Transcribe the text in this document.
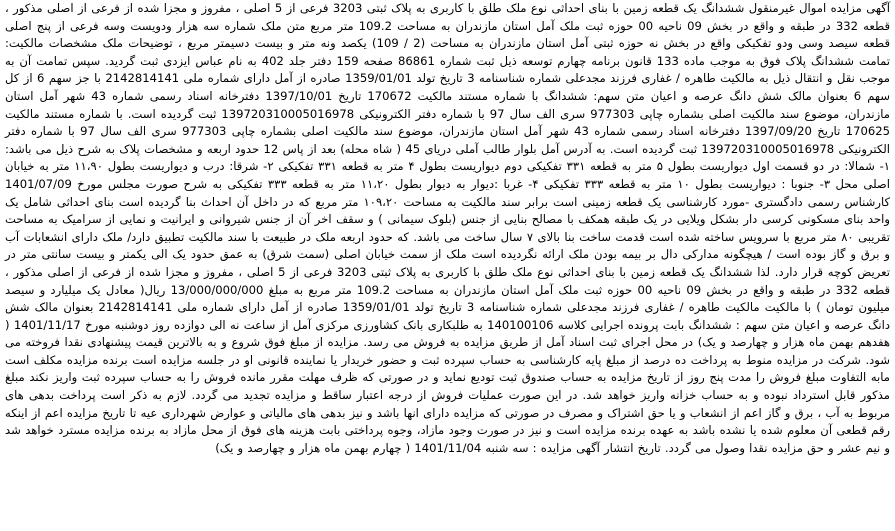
آگهی مزایده اموال غیرمنقول ششدانگ یک قطعه زمین با بنای احداثی نوع ملک طلق با کاربری به پلاک ثبتی 3203 فرعی از 5 اصلی ، مفروز و مجزا شده از فرعی از اصلی مذکور ، قطعه 332 در طبقه و واقع در بخش 09 ناحیه 00 حوزه ثبت ملک آمل استان مازندران به مساحت 109.2 متر مربع متن ملک شماره سه هزار ودویست وسه فرعی از پنج اصلی قطعه سیصد وسی ودو تفکیکی واقع در بخش نه حوزه ثبتی آمل استان مازندران به مساحت (2 / 109) یکصد ونه متر و بیست دسیمتر مربع ، توضیحات ملک مشخصات مالکیت: تمامت ششدانگ پلاک فوق به موجب ماده 133 قانون برنامه چهارم توسعه ذیل ثبت شماره 86861 صفحه 159 دفتر جلد 402 به نام عباس ایزدی ثبت گردید. سپس تمامت آن به موجب نقل و انتقال ذیل به مالکیت طاهره / غفاری فرزند مجدعلی شماره شناسنامه 3 تاریخ تولد 1359/01/01 صادره از آمل دارای شماره ملی 2142814141 با جز سهم 6 از کل سهم 6 بعنوان مالک شش دانگ عرصه و اعیان متن سهم: ششدانگ با شماره مستند مالکیت 170672 تاریخ 1397/10/01 دفترخانه اسناد رسمی شماره 43 شهر آمل استان مازندران، موضوع سند مالکیت اصلی بشماره چاپی 977303 سری الف سال 97 با شماره دفتر الکترونیکی 139720310005016978 ثبت گردیده است. با شماره مستند مالکیت 170625 تاریخ 1397/09/20 دفترخانه اسناد رسمی شماره 43 شهر آمل استان مازندران، موضوع سند مالکیت اصلی بشماره چاپی 977303 سری الف سال 97 با شماره دفتر الکترونیکی 139720310005016978 ثبت گردیده است. به آدرس آمل بلوار طالب آملی دریای 45 ( شاه محله) بعد از پاس 12 حدود اربعه و مشخصات پلاک به شرح ذیل می باشد: ۱- شمالا: در دو قسمت اول دیواریست بطول ۵ متر به قطعه ۳۳۱ تفکیکی دوم دیواریست بطول ۴ متر به قطعه ۳۳۱ تفکیکی ۲- شرقا: درب و دیواریست بطول ۱۱،۹۰ متر به خیابان اصلی محل ۳- جنوبا : دیواریست بطول ۱۰ متر به قطعه ۳۳۳ تفکیکی ۴- غربا :دیوار به دیوار بطول ۱۱،۲۰ متر به قطعه ۳۳۳ تفکیکی به شرح صورت مجلس مورخ 1401/07/09 کارشناس رسمی دادگستری -مورد کارشناسی یک قطعه زمینی است برابر سند مالکیت به مساحت ۱۰۹،۲۰ متر مربع که در داخل آن احداث بنا گردیده است بنای احداثی شامل یک واحد بنای مسکونی کرسی دار بشکل ویلایی در یک طبقه همکف با مصالح بنایی از جنس (بلوک سیمانی ) و سقف اخر آن از جنس شیروانی و ایرانیت و نمایی از سرامیک به مساحت تقریبی ۸۰ متر مربع با سرویس ساخته شده است قدمت ساخت بنا بالای ۷ سال ساخت می باشد. که حدود اربعه ملک در طبیعت با سند مالکیت تطبیق دارد/ ملک دارای انشعابات آب و برق و گاز بوده است / هیچگونه مدارکی دال بر بیمه بودن ملک ارائه نگردیده است ملک از سمت خیابان اصلی (سمت شرق) به عمق حدود یک الی یکمتر و بیست سانتی متر در تعریض کوچه قرار دارد. لذا ششدانگ یک قطعه زمین با بنای احداثی نوع ملک طلق با کاربری به پلاک ثبتی 3203 فرعی از 5 اصلی ، مفروز و مجزا شده از فرعی از اصلی مذکور ، قطعه 332 در طبقه و واقع در بخش 09 ناحیه 00 حوزه ثبت ملک آمل استان مازندران به مساحت 109.2 متر مربع به مبلغ 13/000/000/000 ریال( معادل یک میلیارد و سیصد میلیون تومان ) با مالکیت مالکیت طاهره / غفاری فرزند مجدعلی شماره شناسنامه 3 تاریخ تولد 1359/01/01 صادره از آمل دارای شماره ملی 2142814141 بعنوان مالک شش دانگ عرصه و اعیان متن سهم : ششدانگ بابت پرونده اجرایی کلاسه 140100106 به طلبکاری بانک کشاورزی مرکزی آمل از ساعت نه الی دوازده روز دوشنبه مورخ 1401/11/17 ( هفدهم بهمن ماه هزار و چهارصد و یک) در محل اجرای ثبت اسناد آمل از طریق مزایده به فروش می رسد. مزایده از مبلغ فوق شروع و به بالاترین قیمت پیشنهادی نقدا فروخته می شود. شرکت در مزایده منوط به پرداخت ده درصد از مبلغ پایه کارشناسی به حساب سپرده ثبت و حضور خریدار یا نماینده قانونی او در جلسه مزایده است برنده مزایده مکلف است مابه التفاوت مبلغ فروش را مدت پنج روز از تاریخ مزایده به حساب صندوق ثبت تودیع نماید و در صورتی که ظرف مهلت مقرر مانده فروش را به حساب سپرده ثبت واریز نکند مبلغ مذکور قابل استرداد نبوده و به حساب خزانه واریز خواهد شد. در این صورت عملیات فروش از درجه اعتبار ساقط و مزایده تجدید می گردد. لازم به ذکر است پرداخت بدهی های مربوط به آب ، برق و گاز اعم از انشعاب و یا حق اشتراک و مصرف در صورتی که مزایده دارای انها باشد و نیز بدهی های مالیاتی و عوارض شهرداری عیه تا تاریخ مزایده اعم از اینکه رقم قطعی آن معلوم شده یا نشده باشد به عهده برنده مزایده است و نیز در صورت وجود مازاد، وجوه پرداختی بابت هزینه های فوق از محل مازاد به برنده مزایده مسترد خواهد شد و نیم عشر و حق مزایده نقدا وصول می گردد. تاریخ انتشار آگهی مزایده : سه شنبه 1401/11/04 ( چهارم بهمن ماه هزار و چهارصد و یک)
